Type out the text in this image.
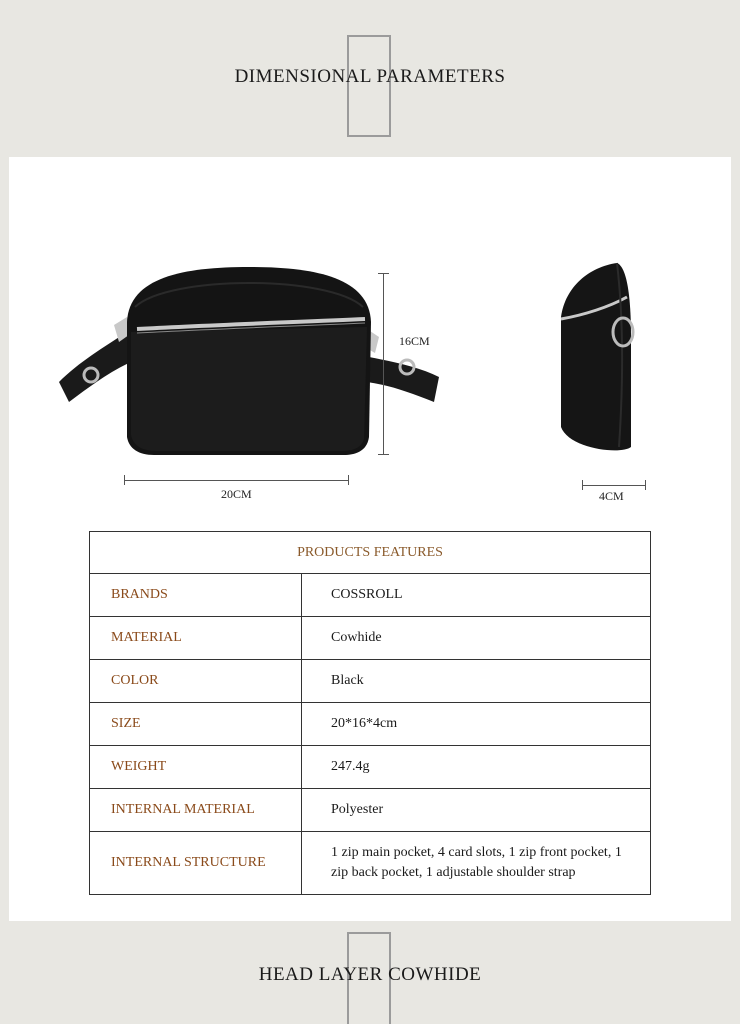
DIMENSIONAL PARAMETERS
16CM
20CM	4CM
PRODUCTS FEATURES	
BRANDS	COSSROLL
MATERIAL	Cowhide
COLOR	Black
SIZE	20*16*4cm
WEIGHT	247.4g
INTERNAL MATERIAL	Polyester
INTERNAL STRUCTURE	1 zip main pocket, 4 card slots, 1 zip front pocket, 1 zip back pocket, 1 adjustable shoulder strap
HEAD LAYER COWHIDE
